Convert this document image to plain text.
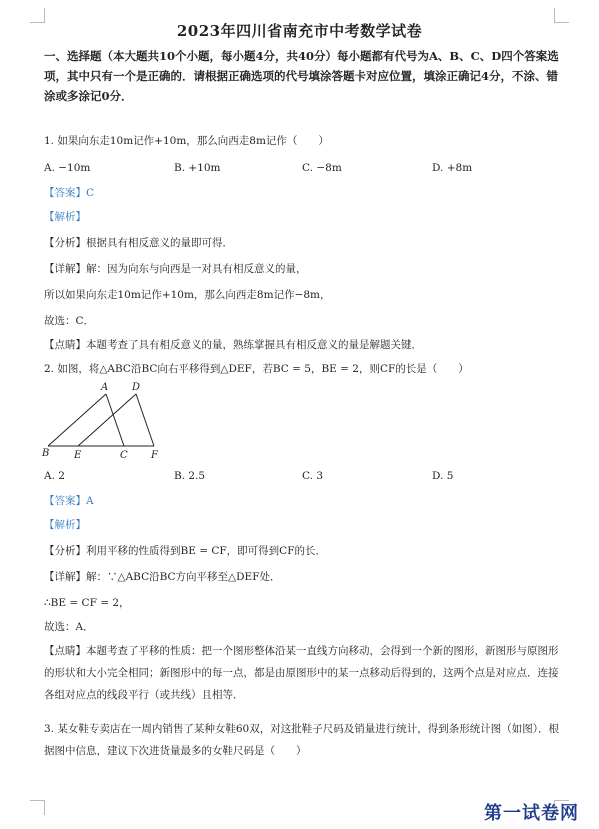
2023年四川省南充市中考数学试卷
一、选择题（本大题共10个小题，每小题4分，共40分）每小题都有代号为A、B、C、D四个答案选项，其中只有一个是正确的．请根据正确选项的代号填涂答题卡对应位置，填涂正确记4分，不涂、错涂或多涂记0分．
1. 如果向东走10m记作+10m，那么向西走8m记作（　　）
A. −10m	B. +10m	C. −8m	D. +8m
【答案】C
【解析】
【分析】根据具有相反意义的量即可得．
【详解】解：因为向东与向西是一对具有相反意义的量，
所以如果向东走10m记作+10m，那么向西走8m记作−8m，
故选：C．
【点睛】本题考查了具有相反意义的量，熟练掌握具有相反意义的量是解题关键．
2. 如图，将△ABC沿BC向右平移得到△DEF，若BC = 5，BE = 2，则CF的长是（　　）
A D
B E	C F
A. 2	B. 2.5	C. 3	D. 5
【答案】A
【解析】
【分析】利用平移的性质得到BE = CF，即可得到CF的长．
【详解】解：∵△ABC沿BC方向平移至△DEF处．
∴BE = CF = 2，
故选：A．
【点睛】本题考查了平移的性质：把一个图形整体沿某一直线方向移动，会得到一个新的图形，新图形与原图形的形状和大小完全相同；新图形中的每一点，都是由原图形中的某一点移动后得到的，这两个点是对应点．连接各组对应点的线段平行（或共线）且相等．
3. 某女鞋专卖店在一周内销售了某种女鞋60双，对这批鞋子尺码及销量进行统计，得到条形统计图（如图）．根据图中信息，建议下次进货量最多的女鞋尺码是（　　）
第一试卷网
